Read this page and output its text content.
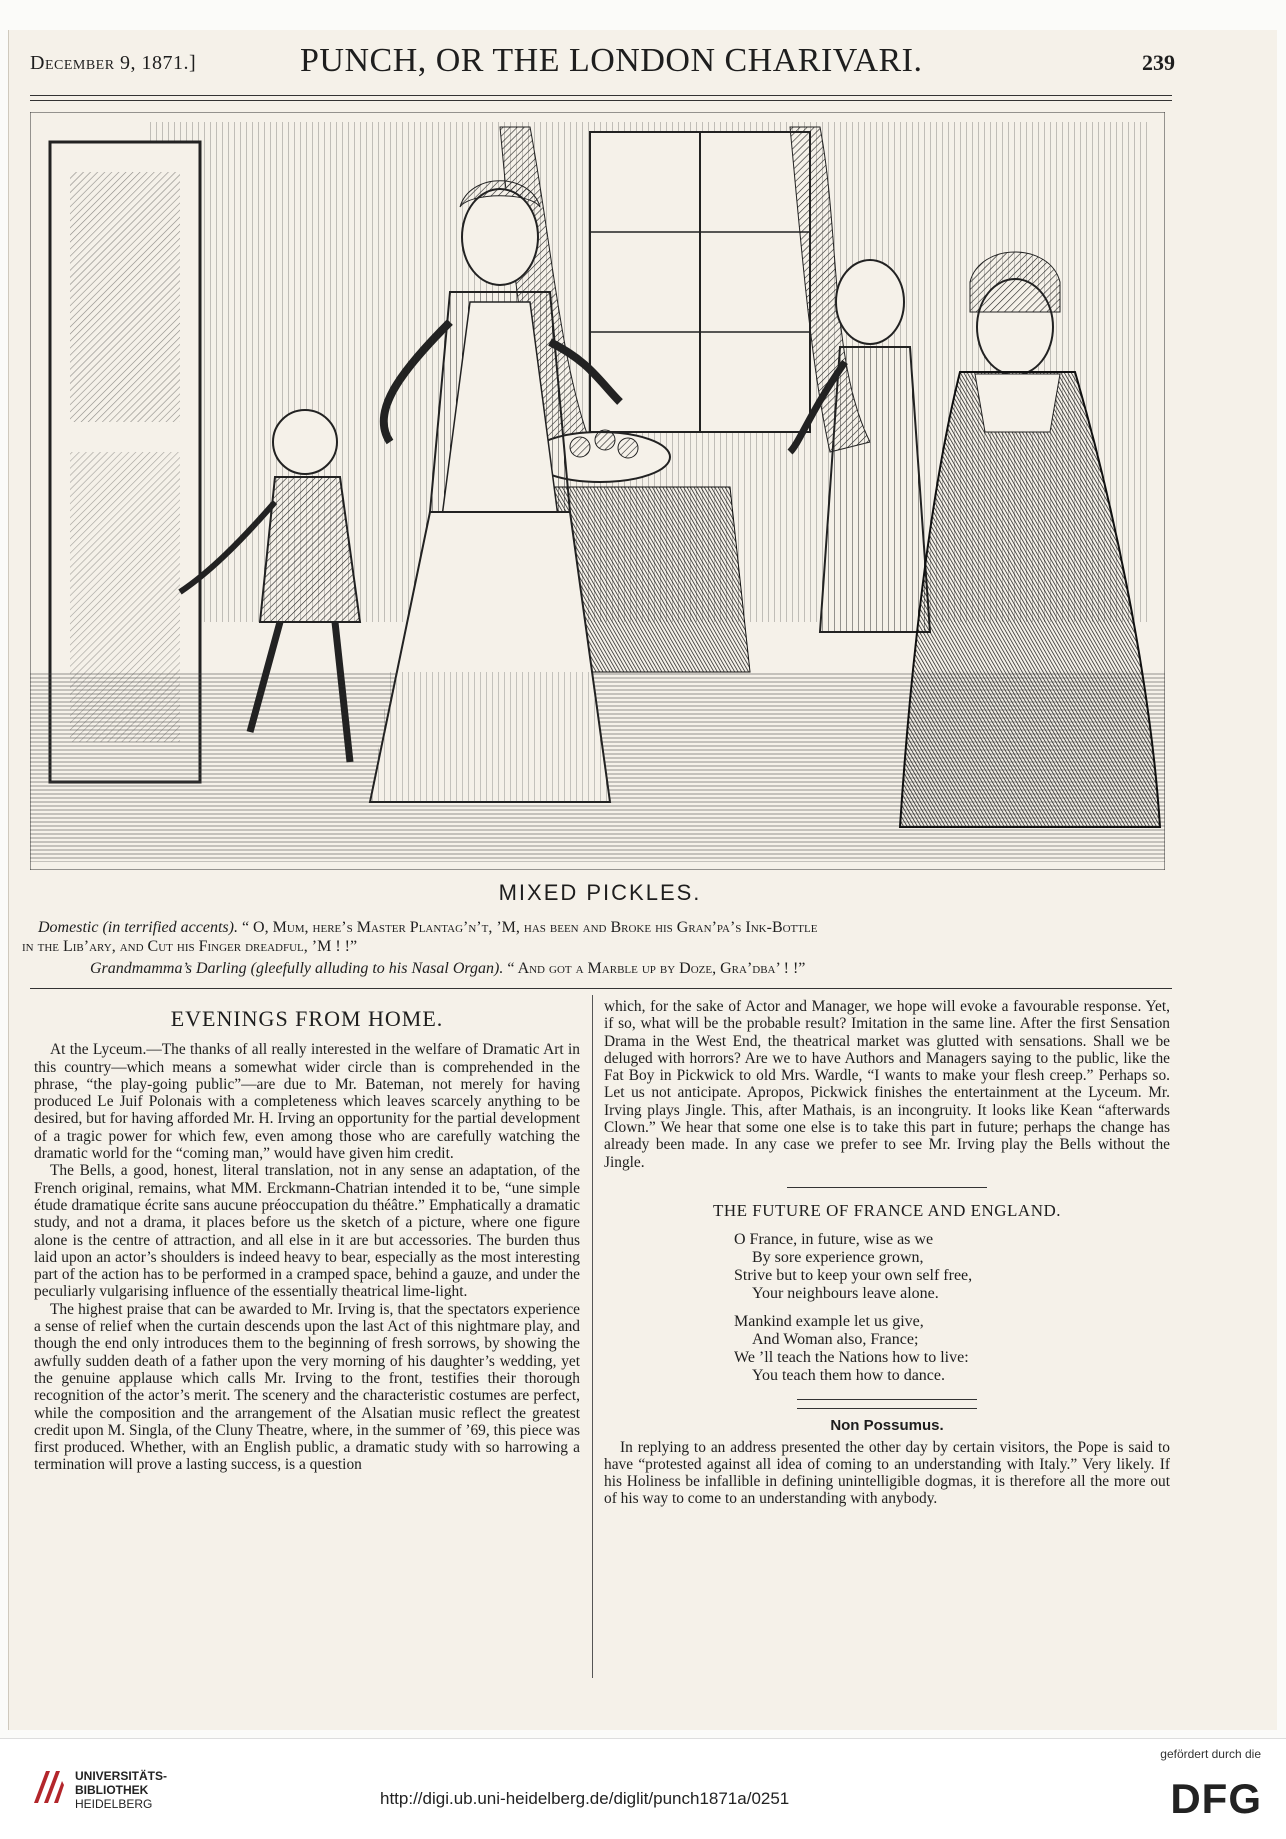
December 9, 1871.]	PUNCH, OR THE LONDON CHARIVARI.	239
MIXED PICKLES.
Domestic (in terrified accents). “ O, Mum, here’s Master Plantag’n’t, ’M, has been and Broke his Gran’pa’s Ink-Bottle
in the Lib’ary, and Cut his Finger dreadful, ’M ! !”
Grandmamma’s Darling (gleefully alluding to his Nasal Organ). “ And got a Marble up by Doze, Gra’dba’ ! !”
EVENINGS FROM HOME.

At the Lyceum.—The thanks of all really interested in the welfare of Dramatic Art in this country—which means a somewhat wider circle than is comprehended in the phrase, “the play-going public”—are due to Mr. Bateman, not merely for having produced Le Juif Polonais with a completeness which leaves scarcely anything to be desired, but for having afforded Mr. H. Irving an opportunity for the partial development of a tragic power for which few, even among those who are carefully watching the dramatic world for the “coming man,” would have given him credit.

The Bells, a good, honest, literal translation, not in any sense an adaptation, of the French original, remains, what MM. Erckmann-Chatrian intended it to be, “une simple étude dramatique écrite sans aucune préoccupation du théâtre.” Emphatically a dramatic study, and not a drama, it places before us the sketch of a picture, where one figure alone is the centre of attraction, and all else in it are but accessories. The burden thus laid upon an actor’s shoulders is indeed heavy to bear, especially as the most interesting part of the action has to be performed in a cramped space, behind a gauze, and under the peculiarly vulgarising influence of the essentially theatrical lime-light.

The highest praise that can be awarded to Mr. Irving is, that the spectators experience a sense of relief when the curtain descends upon the last Act of this nightmare play, and though the end only introduces them to the beginning of fresh sorrows, by showing the awfully sudden death of a father upon the very morning of his daughter’s wedding, yet the genuine applause which calls Mr. Irving to the front, testifies their thorough recognition of the actor’s merit. The scenery and the characteristic costumes are perfect, while the composition and the arrangement of the Alsatian music reflect the greatest credit upon M. Singla, of the Cluny Theatre, where, in the summer of ’69, this piece was first produced. Whether, with an English public, a dramatic study with so harrowing a termination will prove a lasting success, is a question

which, for the sake of Actor and Manager, we hope will evoke a favourable response. Yet, if so, what will be the probable result? Imitation in the same line. After the first Sensation Drama in the West End, the theatrical market was glutted with sensations. Shall we be deluged with horrors? Are we to have Authors and Managers saying to the public, like the Fat Boy in Pickwick to old Mrs. Wardle, “I wants to make your flesh creep.” Perhaps so. Let us not anticipate. Apropos, Pickwick finishes the entertainment at the Lyceum. Mr. Irving plays Jingle. This, after Mathais, is an incongruity. It looks like Kean “afterwards Clown.” We hear that some one else is to take this part in future; perhaps the change has already been made. In any case we prefer to see Mr. Irving play the Bells without the Jingle.

THE FUTURE OF FRANCE AND ENGLAND.
O France, in future, wise as we
By sore experience grown,
Strive but to keep your own self free,
Your neighbours leave alone.
Mankind example let us give,
And Woman also, France;
We ’ll teach the Nations how to live:
You teach them how to dance.
Non Possumus.

In replying to an address presented the other day by certain visitors, the Pope is said to have “protested against all idea of coming to an understanding with Italy.” Very likely. If his Holiness be infallible in defining unintelligible dogmas, it is therefore all the more out of his way to come to an understanding with anybody.

UNIVERSITÄTS-
BIBLIOTHEK
HEIDELBERG	http://digi.ub.uni-heidelberg.de/diglit/punch1871a/0251
gefördert durch die
DFG
